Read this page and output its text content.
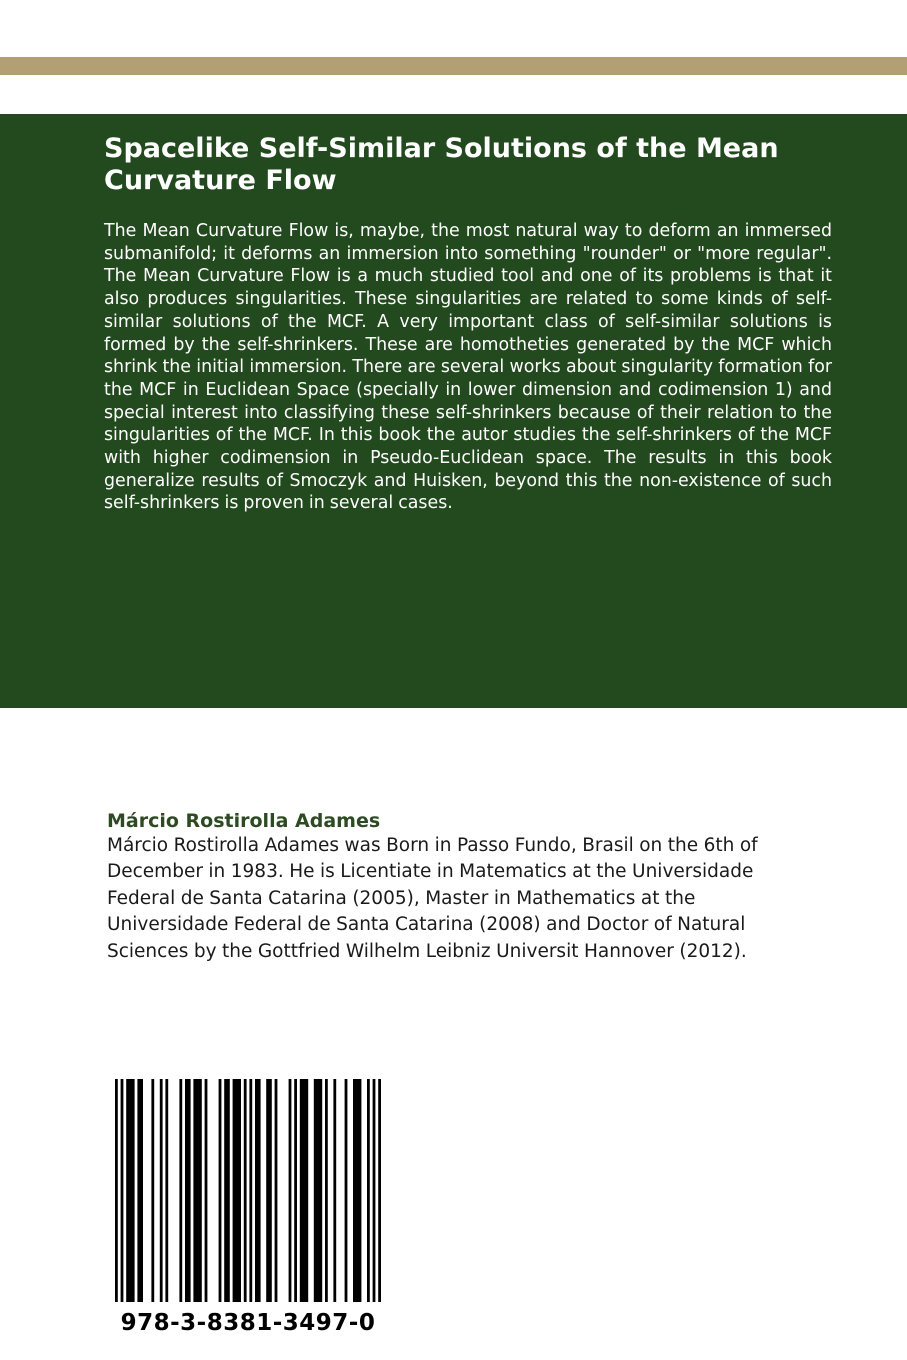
Spacelike Self-Similar Solutions of the Mean Curvature Flow

The Mean Curvature Flow is, maybe, the most natural way to deform an immersed submanifold; it deforms an immersion into something "rounder" or "more regular". The Mean Curvature Flow is a much studied tool and one of its problems is that it also produces singularities. These singularities are related to some kinds of self-similar solutions of the MCF. A very important class of self-similar solutions is formed by the self-shrinkers. These are homotheties generated by the MCF which shrink the initial immersion. There are several works about singularity formation for the MCF in Euclidean Space (specially in lower dimension and codimension 1) and special interest into classifying these self-shrinkers because of their relation to the singularities of the MCF. In this book the autor studies the self-shrinkers of the MCF with higher codimension in Pseudo-Euclidean space. The results in this book generalize results of Smoczyk and Huisken, beyond this the non-existence of such self-shrinkers is proven in several cases.

Márcio Rostirolla Adames
Márcio Rostirolla Adames was Born in Passo Fundo, Brasil on the 6th of
December in 1983. He is Licentiate in Matematics at the Universidade
Federal de Santa Catarina (2005), Master in Mathematics at the
Universidade Federal de Santa Catarina (2008) and Doctor of Natural
Sciences by the Gottfried Wilhelm Leibniz Universit Hannover (2012).
978-3-8381-3497-0
